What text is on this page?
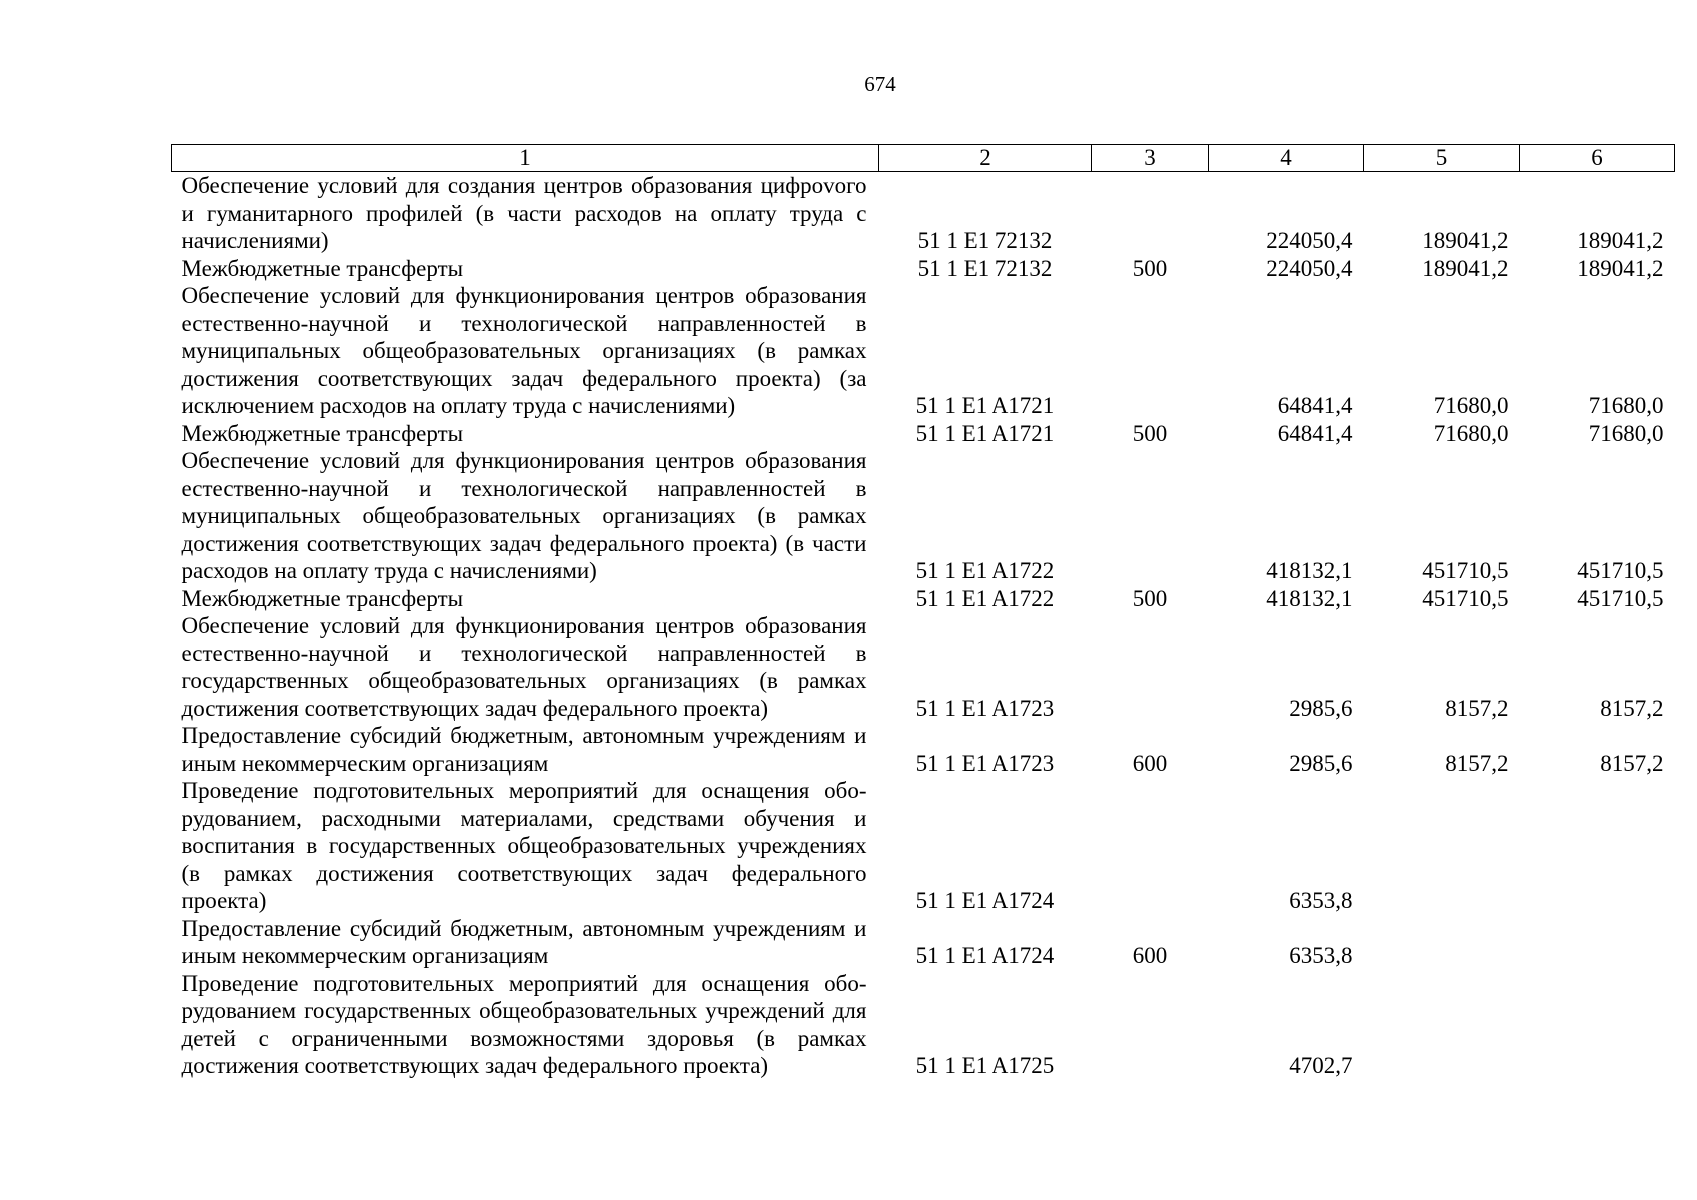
674
1	2	3	4	5	6
Обеспечение условий для создания центров образования цифроvого и гуманитарного профилей (в части расходов на оплату труда с начислениями)	51 1 E1 72132		224050,4	189041,2	189041,2
Межбюджетные трансферты	51 1 E1 72132	500	224050,4	189041,2	189041,2
Обеспечение условий для функционирования центров образования естественно-научной и технологической направленностей в муниципальных общеобразовательных организациях (в рамках достижения соответствующих задач федерального проекта) (за исключением расходов на оплату труда с начислениями)	51 1 E1 A1721		64841,4	71680,0	71680,0
Межбюджетные трансферты	51 1 E1 A1721	500	64841,4	71680,0	71680,0
Обеспечение условий для функционирования центров образования естественно-научной и технологической направленностей в муниципальных общеобразовательных организациях (в рамках достижения соответствующих задач федерального проекта) (в части расходов на оплату труда с начислениями)	51 1 E1 A1722		418132,1	451710,5	451710,5
Межбюджетные трансферты	51 1 E1 A1722	500	418132,1	451710,5	451710,5
Обеспечение условий для функционирования центров образования естественно-научной и технологической направленностей в государственных общеобразовательных организациях (в рамках достижения соответствующих задач федерального проекта)	51 1 E1 A1723		2985,6	8157,2	8157,2
Предоставление субсидий бюджетным, автономным учреждениям и иным некоммерческим организациям	51 1 E1 A1723	600	2985,6	8157,2	8157,2
Проведение подготовительных мероприятий для оснащения оборудованием, расходными материалами, средствами обучения и воспитания в государственных общеобразовательных учреждениях (в рамках достижения соответствующих задач федерального проекта)	51 1 E1 A1724		6353,8		
Предоставление субсидий бюджетным, автономным учреждениям и иным некоммерческим организациям	51 1 E1 A1724	600	6353,8		
Проведение подготовительных мероприятий для оснащения оборудованием государственных общеобразовательных учреждений для детей с ограниченными возможностями здоровья (в рамках достижения соответствующих задач федерального проекта)	51 1 E1 A1725		4702,7		
